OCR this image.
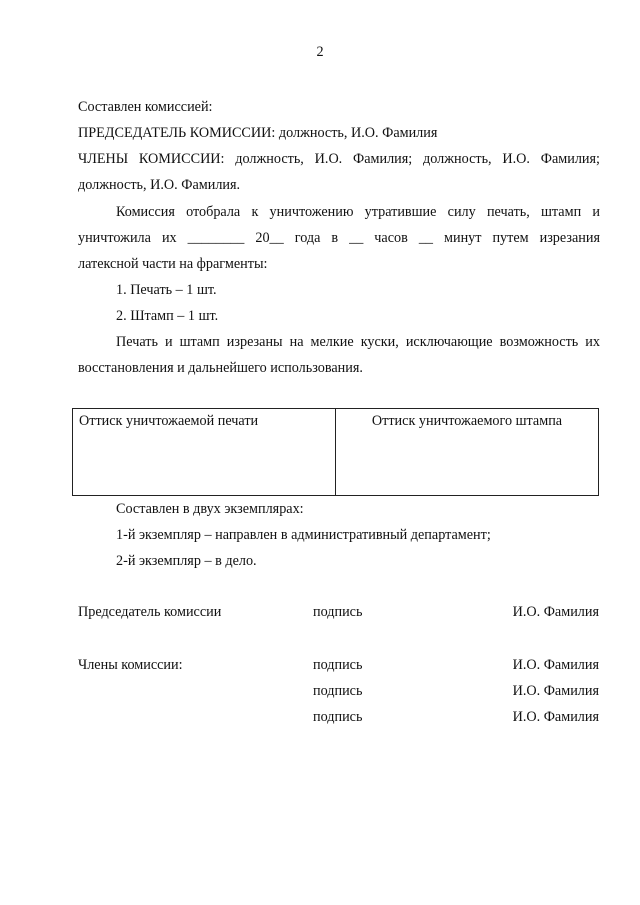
2
Составлен комиссией:
ПРЕДСЕДАТЕЛЬ КОМИССИИ: должность, И.О. Фамилия
ЧЛЕНЫ КОМИССИИ: должность, И.О. Фамилия; должность, И.О. Фамилия;
должность, И.О. Фамилия.
Комиссия отобрала к уничтожению утратившие силу печать, штамп и
уничтожила их ________ 20__ года в __ часов __ минут путем изрезания
латексной части на фрагменты:
1. Печать – 1 шт.
2. Штамп – 1 шт.
Печать и штамп изрезаны на мелкие куски, исключающие возможность их
восстановления и дальнейшего использования.
Оттиск уничтожаемой печати	Оттиск уничтожаемого штампа
Составлен в двух экземплярах:
1-й экземпляр – направлен в административный департамент;
2-й экземпляр – в дело.
Председатель комиссии	подпись	И.О. Фамилия
Члены комиссии:	подпись	И.О. Фамилия
подпись	И.О. Фамилия
подпись	И.О. Фамилия
